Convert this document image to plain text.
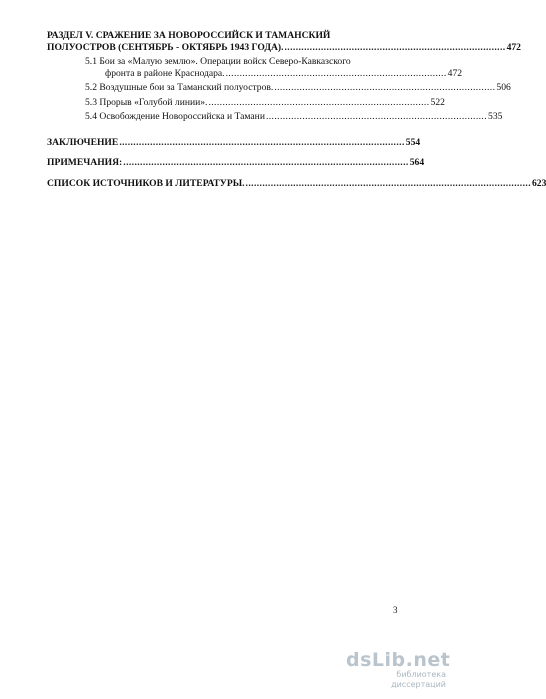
РАЗДЕЛ V. СРАЖЕНИЕ ЗА НОВОРОССИЙСК И ТАМАНСКИЙ
ПОЛУОСТРОВ (СЕНТЯБРЬ - ОКТЯБРЬ 1943 ГОДА). ............................................................................... 472
5.1 Бои за «Малую землю». Операции войск Северо-Кавказского
фронта в районе Краснодара. ............................................................................... 472
5.2 Воздушные бои за Таманский полуостров. ............................................................................... 506
5.3 Прорыв «Голубой линии». ............................................................................... 522
5.4 Освобождение Новороссийска и Тамани ............................................................................... 535
ЗАКЛЮЧЕНИЕ ...................................................................................................... 554
ПРИМЕЧАНИЯ: ...................................................................................................... 564
СПИСОК ИСТОЧНИКОВ И ЛИТЕРАТУРЫ. ...................................................................................................... 623
3
dsLib.net
библиотека диссертаций
